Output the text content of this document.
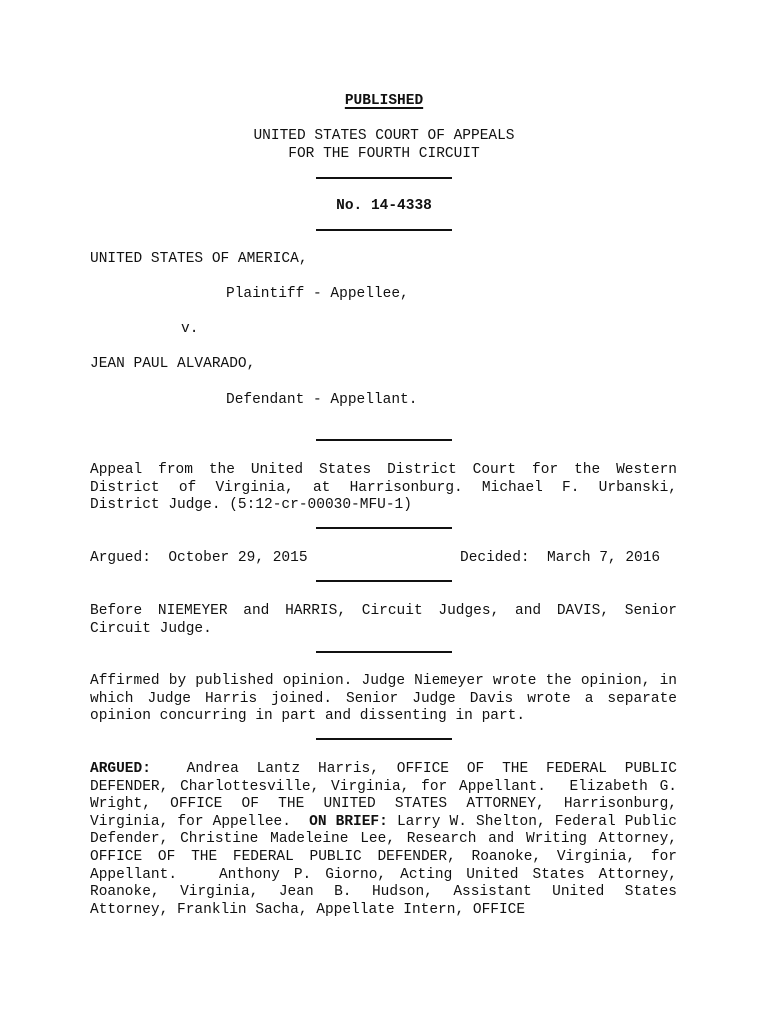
PUBLISHED
UNITED STATES COURT OF APPEALS
FOR THE FOURTH CIRCUIT
No. 14-4338
UNITED STATES OF AMERICA,
Plaintiff - Appellee,
v.
JEAN PAUL ALVARADO,
Defendant - Appellant.
Appeal from the United States District Court for the Western District of Virginia, at Harrisonburg. Michael F. Urbanski, District Judge. (5:12-cr-00030-MFU-1)
Argued:  October 29, 2015	Decided:  March 7, 2016
Before NIEMEYER and HARRIS, Circuit Judges, and DAVIS, Senior Circuit Judge.
Affirmed by published opinion. Judge Niemeyer wrote the opinion, in which Judge Harris joined. Senior Judge Davis wrote a separate opinion concurring in part and dissenting in part.
ARGUED:  Andrea Lantz Harris, OFFICE OF THE FEDERAL PUBLIC DEFENDER, Charlottesville, Virginia, for Appellant.  Elizabeth G. Wright, OFFICE OF THE UNITED STATES ATTORNEY, Harrisonburg, Virginia, for Appellee.  ON BRIEF: Larry W. Shelton, Federal Public Defender, Christine Madeleine Lee, Research and Writing Attorney, OFFICE OF THE FEDERAL PUBLIC DEFENDER, Roanoke, Virginia, for Appellant.   Anthony P. Giorno, Acting United States Attorney, Roanoke, Virginia, Jean B. Hudson, Assistant United States Attorney, Franklin Sacha, Appellate Intern, OFFICE
